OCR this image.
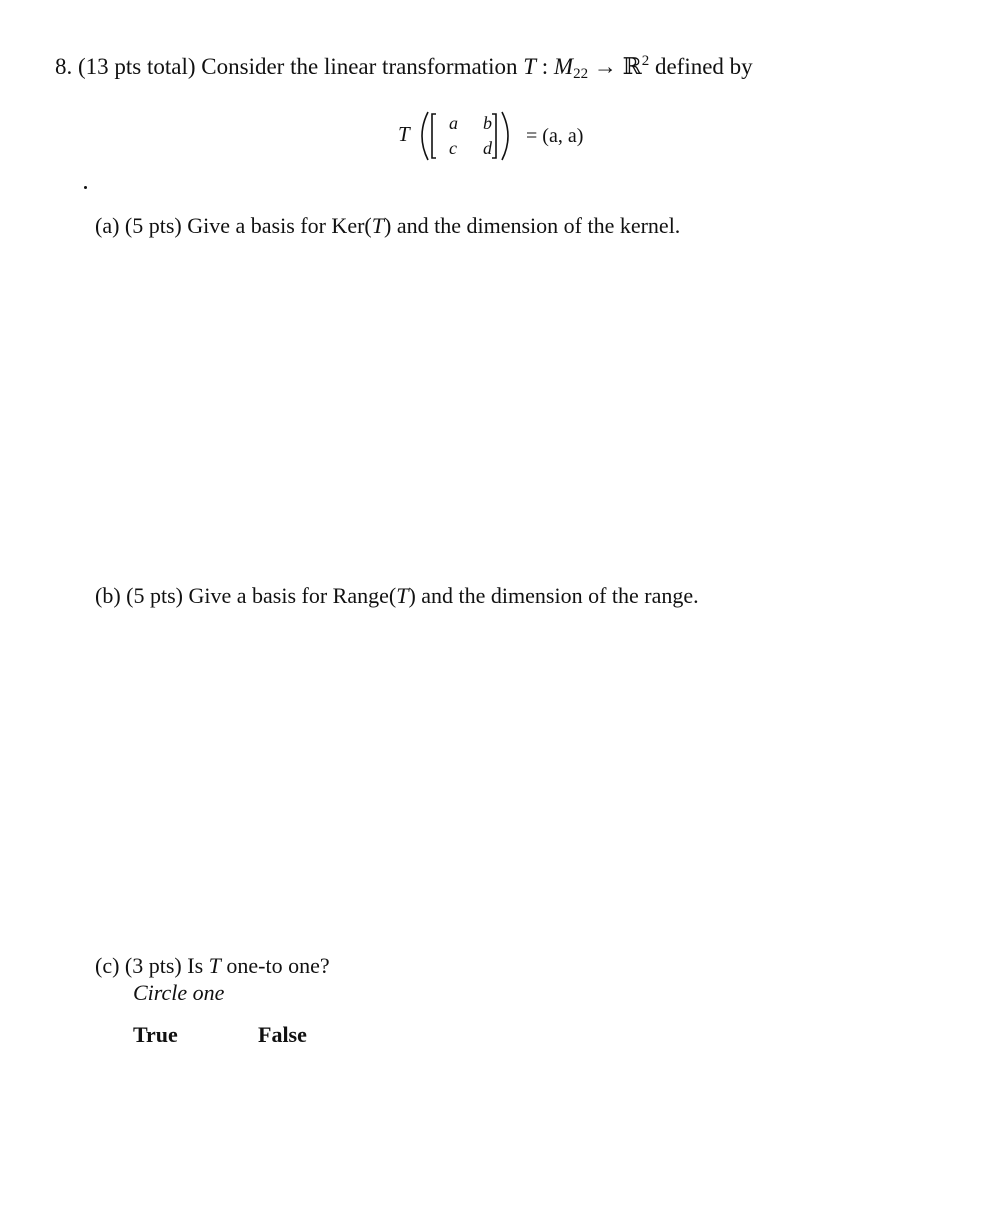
8. (13 pts total) Consider the linear transformation T : $M_{22}$ → ℝ$^2$ defined by
T a b
c d
= (a, a)
(a) (5 pts) Give a basis for Ker(T) and the dimension of the kernel.
(b) (5 pts) Give a basis for Range(T) and the dimension of the range.
(c) (3 pts) Is T one-to one?
Circle one
True	False
